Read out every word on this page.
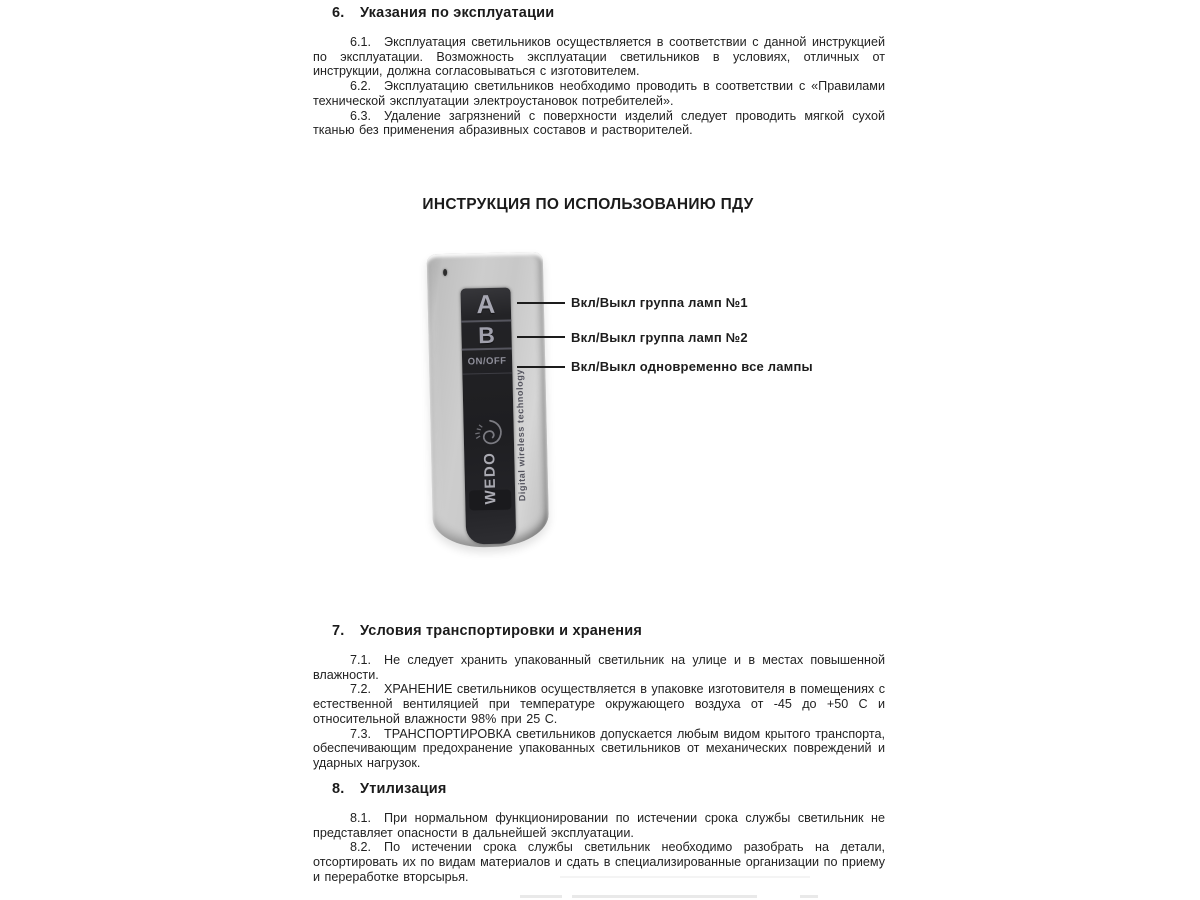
6. Указания по эксплуатации

6.1. Эксплуатация светильников осуществляется в соответствии с данной инструкцией по эксплуатации. Возможность эксплуатации светильников в условиях, отличных от инструкции, должна согласовываться с изготовителем.

6.2. Эксплуатацию светильников необходимо проводить в соответствии с «Правилами технической эксплуатации электроустановок потребителей».

6.3. Удаление загрязнений с поверхности изделий следует проводить мягкой сухой тканью без применения абразивных составов и растворителей.

ИНСТРУКЦИЯ ПО ИСПОЛЬЗОВАНИЮ ПДУ
A
B
ON/OFF
WEDO	Digital wireless technology
Вкл/Выкл группа ламп №1
Вкл/Выкл группа ламп №2
Вкл/Выкл одновременно все лампы
7. Условия транспортировки и хранения

7.1. Не следует хранить упакованный светильник на улице и в местах повышенной влажности.

7.2. ХРАНЕНИЕ светильников осуществляется в упаковке изготовителя в помещениях с естественной вентиляцией при температуре окружающего воздуха от -45 до +50 С и относительной влажности 98% при 25 С.

7.3. ТРАНСПОРТИРОВКА светильников допускается любым видом крытого транспорта, обеспечивающим предохранение упакованных светильников от механических повреждений и ударных нагрузок.

8. Утилизация

8.1. При нормальном функционировании по истечении срока службы светильник не представляет опасности в дальнейшей эксплуатации.

8.2. По истечении срока службы светильник необходимо разобрать на детали, отсортировать их по видам материалов и сдать в специализированные организации по приему и переработке вторсырья.
